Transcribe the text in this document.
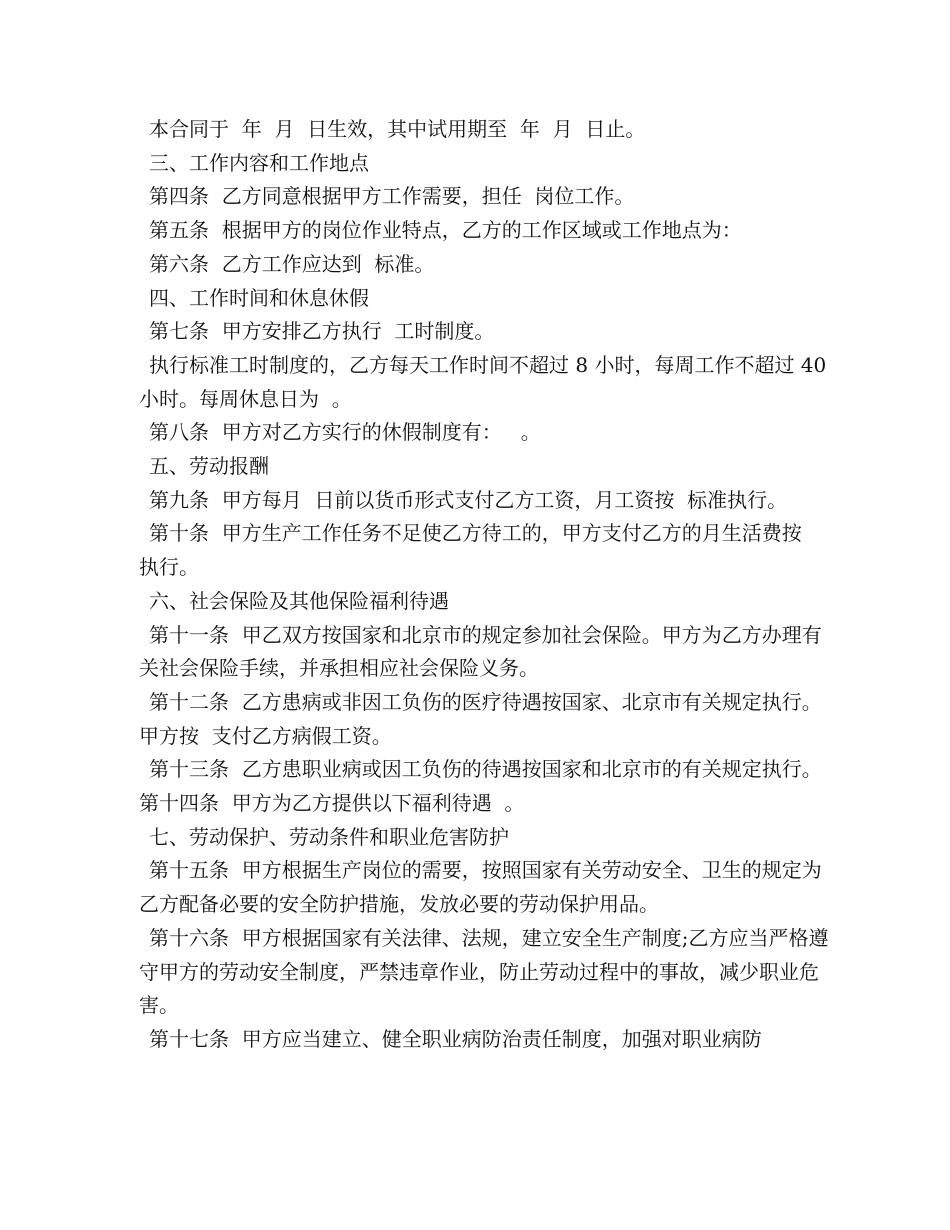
本合同于  年  月  日生效，其中试用期至  年  月  日止。

三、工作内容和工作地点

第四条  乙方同意根据甲方工作需要，担任  岗位工作。

第五条  根据甲方的岗位作业特点，乙方的工作区域或工作地点为：

第六条  乙方工作应达到  标准。

四、工作时间和休息休假

第七条  甲方安排乙方执行  工时制度。

执行标准工时制度的，乙方每天工作时间不超过 8 小时，每周工作不超过 40 小时。每周休息日为  。

第八条  甲方对乙方实行的休假制度有：   。

五、劳动报酬

第九条  甲方每月  日前以货币形式支付乙方工资，月工资按  标准执行。

第十条  甲方生产工作任务不足使乙方待工的，甲方支付乙方的月生活费按  执行。

六、社会保险及其他保险福利待遇

第十一条  甲乙双方按国家和北京市的规定参加社会保险。甲方为乙方办理有关社会保险手续，并承担相应社会保险义务。

第十二条  乙方患病或非因工负伤的医疗待遇按国家、北京市有关规定执行。甲方按  支付乙方病假工资。

第十三条  乙方患职业病或因工负伤的待遇按国家和北京市的有关规定执行。  第十四条  甲方为乙方提供以下福利待遇  。

七、劳动保护、劳动条件和职业危害防护

第十五条  甲方根据生产岗位的需要，按照国家有关劳动安全、卫生的规定为乙方配备必要的安全防护措施，发放必要的劳动保护用品。

第十六条  甲方根据国家有关法律、法规，建立安全生产制度;乙方应当严格遵守甲方的劳动安全制度，严禁违章作业，防止劳动过程中的事故，减少职业危害。

第十七条  甲方应当建立、健全职业病防治责任制度，加强对职业病防
